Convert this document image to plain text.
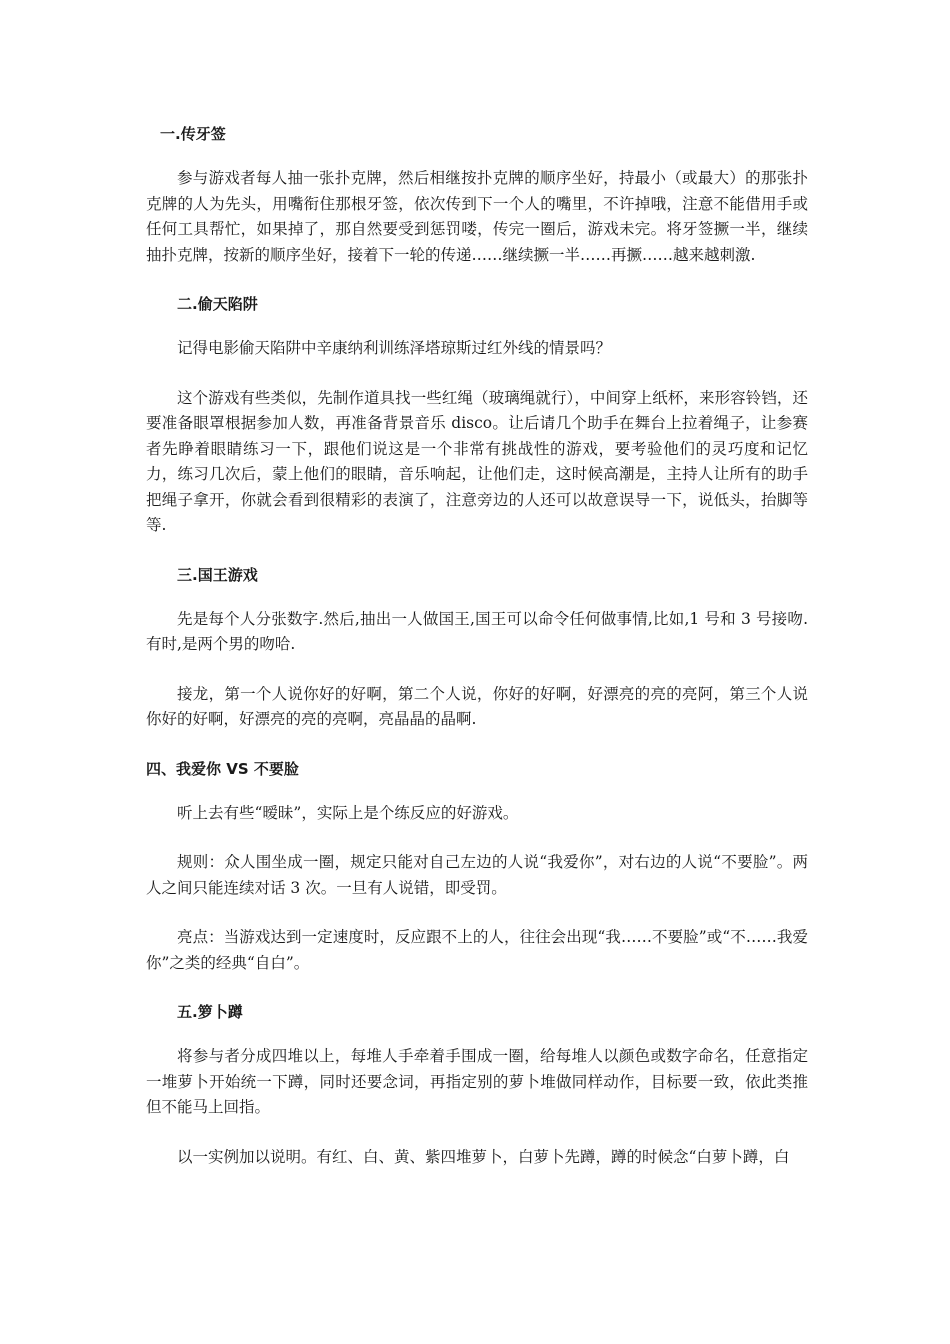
一.传牙签

参与游戏者每人抽一张扑克牌，然后相继按扑克牌的顺序坐好，持最小（或最大）的那张扑克牌的人为先头，用嘴衔住那根牙签，依次传到下一个人的嘴里，不许掉哦，注意不能借用手或任何工具帮忙，如果掉了，那自然要受到惩罚喽，传完一圈后，游戏未完。将牙签撅一半，继续抽扑克牌，按新的顺序坐好，接着下一轮的传递……继续撅一半……再撅……越来越刺激.

二.偷天陷阱

记得电影偷天陷阱中辛康纳利训练泽塔琼斯过红外线的情景吗？

这个游戏有些类似，先制作道具找一些红绳（玻璃绳就行），中间穿上纸杯，来形容铃铛，还要准备眼罩根据参加人数，再准备背景音乐 disco。让后请几个助手在舞台上拉着绳子，让参赛者先睁着眼睛练习一下，跟他们说这是一个非常有挑战性的游戏，要考验他们的灵巧度和记忆力，练习几次后，蒙上他们的眼睛，音乐响起，让他们走，这时候高潮是，主持人让所有的助手把绳子拿开，你就会看到很精彩的表演了，注意旁边的人还可以故意误导一下，说低头，抬脚等等.

三.国王游戏

先是每个人分张数字.然后,抽出一人做国王,国王可以命令任何做事情,比如,1 号和 3 号接吻.有时,是两个男的吻哈.

接龙，第一个人说你好的好啊，第二个人说，你好的好啊，好漂亮的亮的亮阿，第三个人说你好的好啊，好漂亮的亮的亮啊，亮晶晶的晶啊.

四、我爱你 VS 不要脸

听上去有些“暧昧”，实际上是个练反应的好游戏。

规则：众人围坐成一圈，规定只能对自己左边的人说“我爱你”，对右边的人说“不要脸”。两人之间只能连续对话 3 次。一旦有人说错，即受罚。

亮点：当游戏达到一定速度时，反应跟不上的人，往往会出现“我……不要脸”或“不……我爱你”之类的经典“自白”。

五.箩卜蹲

将参与者分成四堆以上，每堆人手牵着手围成一圈，给每堆人以颜色或数字命名，任意指定一堆萝卜开始统一下蹲，同时还要念词，再指定别的萝卜堆做同样动作，目标要一致，依此类推但不能马上回指。

以一实例加以说明。有红、白、黄、紫四堆萝卜，白萝卜先蹲，蹲的时候念“白萝卜蹲，白
